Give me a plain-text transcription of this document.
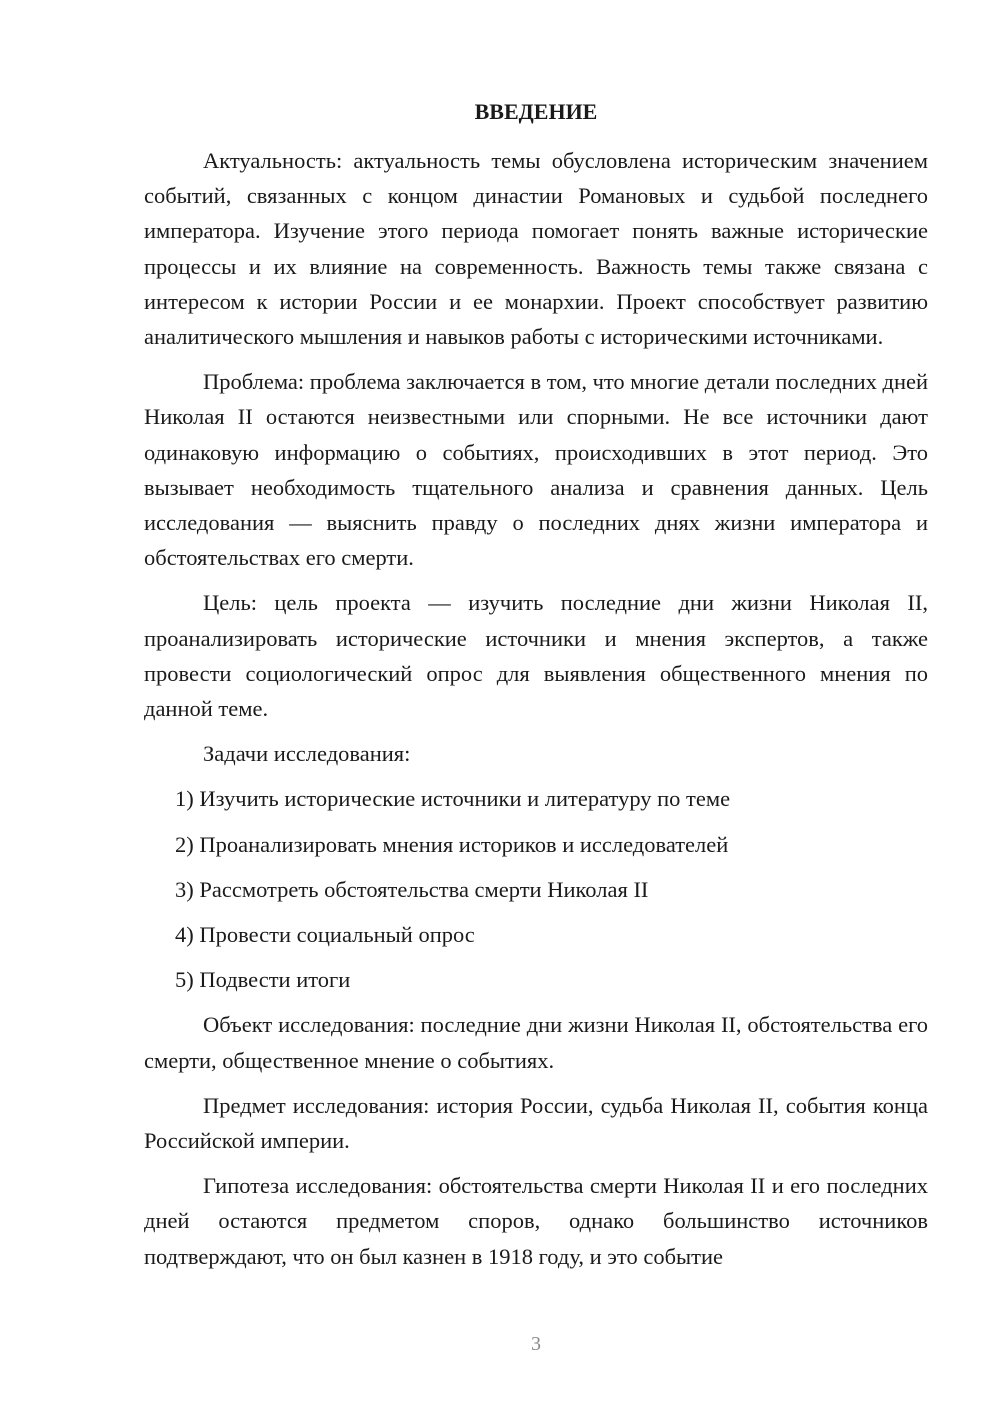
ВВЕДЕНИЕ

Актуальность: актуальность темы обусловлена историческим значением событий, связанных с концом династии Романовых и судьбой последнего императора. Изучение этого периода помогает понять важные исторические процессы и их влияние на современность. Важность темы также связана с интересом к истории России и ее монархии. Проект способствует развитию аналитического мышления и навыков работы с историческими источниками.

Проблема: проблема заключается в том, что многие детали последних дней Николая II остаются неизвестными или спорными. Не все источники дают одинаковую информацию о событиях, происходивших в этот период. Это вызывает необходимость тщательного анализа и сравнения данных. Цель исследования — выяснить правду о последних днях жизни императора и обстоятельствах его смерти.

Цель: цель проекта — изучить последние дни жизни Николая II, проанализировать исторические источники и мнения экспертов, а также провести социологический опрос для выявления общественного мнения по данной теме.

Задачи исследования:

1) Изучить исторические источники и литературу по теме

2) Проанализировать мнения историков и исследователей

3) Рассмотреть обстоятельства смерти Николая II

4) Провести социальный опрос

5) Подвести итоги

Объект исследования: последние дни жизни Николая II, обстоятельства его смерти, общественное мнение о событиях.

Предмет исследования: история России, судьба Николая II, события конца Российской империи.

Гипотеза исследования: обстоятельства смерти Николая II и его последних дней остаются предметом споров, однако большинство источников подтверждают, что он был казнен в 1918 году, и это событие

3
